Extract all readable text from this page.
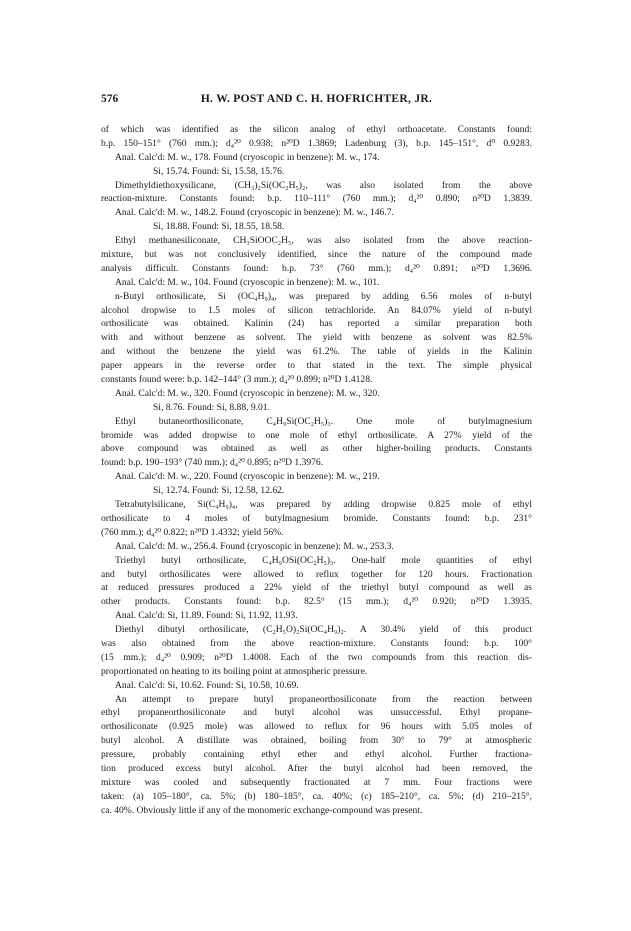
576	H. W. POST AND C. H. HOFRICHTER, JR.
of which was identified as the silicon analog of ethyl orthoacetate. Constants found:
b.p. 150–151° (760 mm.); d₄²⁰ 0.938; n²⁰D 1.3869; Ladenburg (3), b.p. 145–151°, d⁰ 0.9283.
Anal. Calc'd: M. w., 178. Found (cryoscopic in benzene): M. w., 174.
Si, 15.74. Found: Si, 15.58, 15.76.
Dimethyldiethoxysilicane, (CH₃)₂Si(OC₂H₅)₂, was also isolated from the above
reaction-mixture. Constants found: b.p. 110–111° (760 mm.); d₄²⁰ 0.890; n²⁰D 1.3839.
Anal. Calc'd: M. w., 148.2. Found (cryoscopic in benzene): M. w., 146.7.
Si, 18.88. Found: Si, 18.55, 18.58.
Ethyl methanesiliconate, CH₃SiOOC₂H₅, was also isolated from the above reaction-
mixture, but was not conclusively identified, since the nature of the compound made
analysis difficult. Constants found: b.p. 73° (760 mm.); d₄²⁰ 0.891; n²⁰D 1.3696.
Anal. Calc'd: M. w., 104. Found (cryoscopic in benzene): M. w., 101.
n-Butyl orthosilicate, Si (OC₄H₉)₄, was prepared by adding 6.56 moles of n-butyl
alcohol dropwise to 1.5 moles of silicon tetrachloride. An 84.07% yield of n-butyl
orthosilicate was obtained. Kalinin (24) has reported a similar preparation both
with and without benzene as solvent. The yield with benzene as solvent was 82.5%
and without the benzene the yield was 61.2%. The table of yields in the Kalinin
paper appears in the reverse order to that stated in the text. The simple physical
constants found were: b.p. 142–144° (3 mm.); d₄²⁰ 0.899; n²⁰D 1.4128.
Anal. Calc'd: M. w., 320. Found (cryoscopic in benzene): M. w., 320.
Si, 8.76. Found: Si, 8.88, 9.01.
Ethyl butaneorthosiliconate, C₄H₉Si(OC₂H₅)₃. One mole of butylmagnesium
bromide was added dropwise to one mole of ethyl orthosilicate. A 27% yield of the
above compound was obtained as well as other higher-boiling products. Constants
found: b.p. 190–193° (740 mm.); d₄²⁰ 0.895; n²⁰D 1.3976.
Anal. Calc'd: M. w., 220. Found (cryoscopic in benzene): M. w., 219.
Si, 12.74. Found: Si, 12.58, 12.62.
Tetrabutylsilicane, Si(C₄H₉)₄, was prepared by adding dropwise 0.825 mole of ethyl
orthosilicate to 4 moles of butylmagnesium bromide. Constants found: b.p. 231°
(760 mm.); d₄²⁰ 0.822; n²⁰D 1.4332; yield 56%.
Anal. Calc'd: M. w., 256.4. Found (cryoscopic in benzene): M. w., 253.3.
Triethyl butyl orthosilicate, C₄H₉OSi(OC₂H₅)₃. One-half mole quantities of ethyl
and butyl orthosilicates were allowed to reflux together for 120 hours. Fractionation
at reduced pressures produced a 22% yield of the triethyl butyl compound as well as
other products. Constants found: b.p. 82.5° (15 mm.); d₄²⁰ 0.920; n²⁰D 1.3935.
Anal. Calc'd: Si, 11.89. Found: Si, 11.92, 11.93.
Diethyl dibutyl orthosilicate, (C₂H₅O)₂Si(OC₄H₉)₂. A 30.4% yield of this product
was also obtained from the above reaction-mixture. Constants found: b.p. 100°
(15 mm.); d₄²⁰ 0.909; n²⁰D 1.4008. Each of the two compounds from this reaction dis-
proportionated on heating to its boiling point at atmospheric pressure.
Anal. Calc'd: Si, 10.62. Found: Si, 10.58, 10.69.
An attempt to prepare butyl propaneorthosiliconate from the reaction between
ethyl propaneorthosiliconate and butyl alcohol was unsuccessful. Ethyl propane-
orthosiliconate (0.925 mole) was allowed to reflux for 96 hours with 5.05 moles of
butyl alcohol. A distillate was obtained, boiling from 30° to 79° at atmospheric
pressure, probably containing ethyl ether and ethyl alcohol. Further fractiona-
tion produced excess butyl alcohol. After the butyl alcohol had been removed, the
mixture was cooled and subsequently fractionated at 7 mm. Four fractions were
taken: (a) 105–180°, ca. 5%; (b) 180–185°, ca. 40%; (c) 185–210°, ca. 5%; (d) 210–215°,
ca. 40%. Obviously little if any of the monomeric exchange-compound was present.
